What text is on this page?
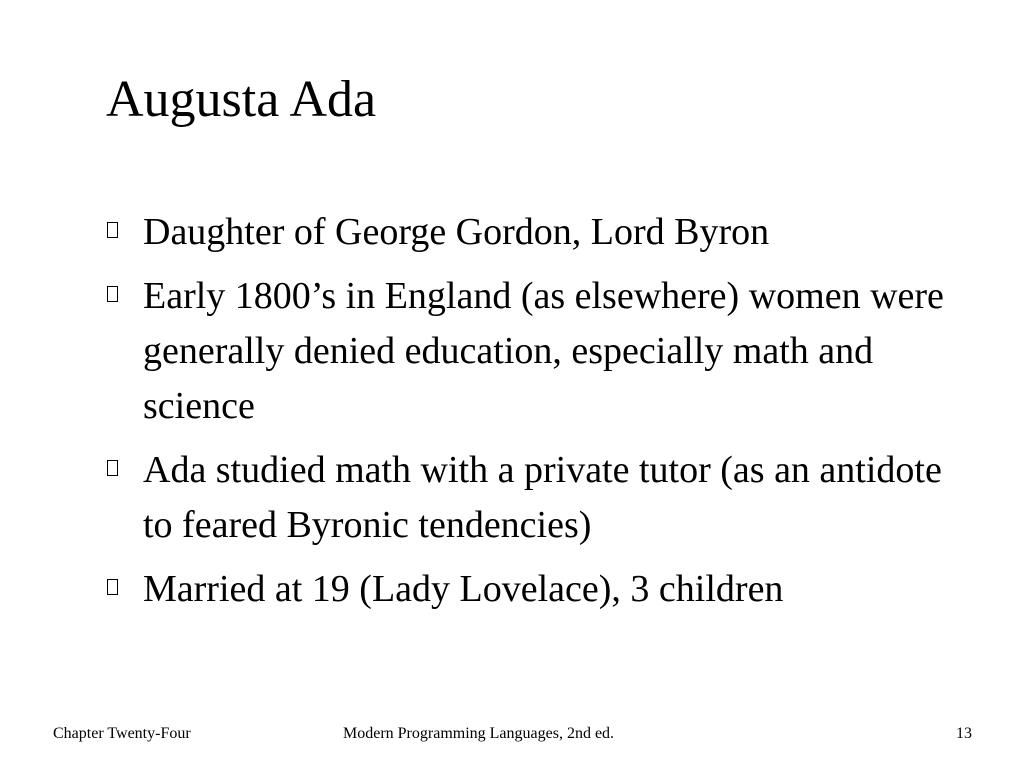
Augusta Ada
Daughter of George Gordon, Lord Byron
Early 1800’s in England (as elsewhere) women were generally denied education, especially math and science
Ada studied math with a private tutor (as an antidote to feared Byronic tendencies)
Married at 19 (Lady Lovelace), 3 children
Chapter Twenty-Four	Modern Programming Languages, 2nd ed.	13
